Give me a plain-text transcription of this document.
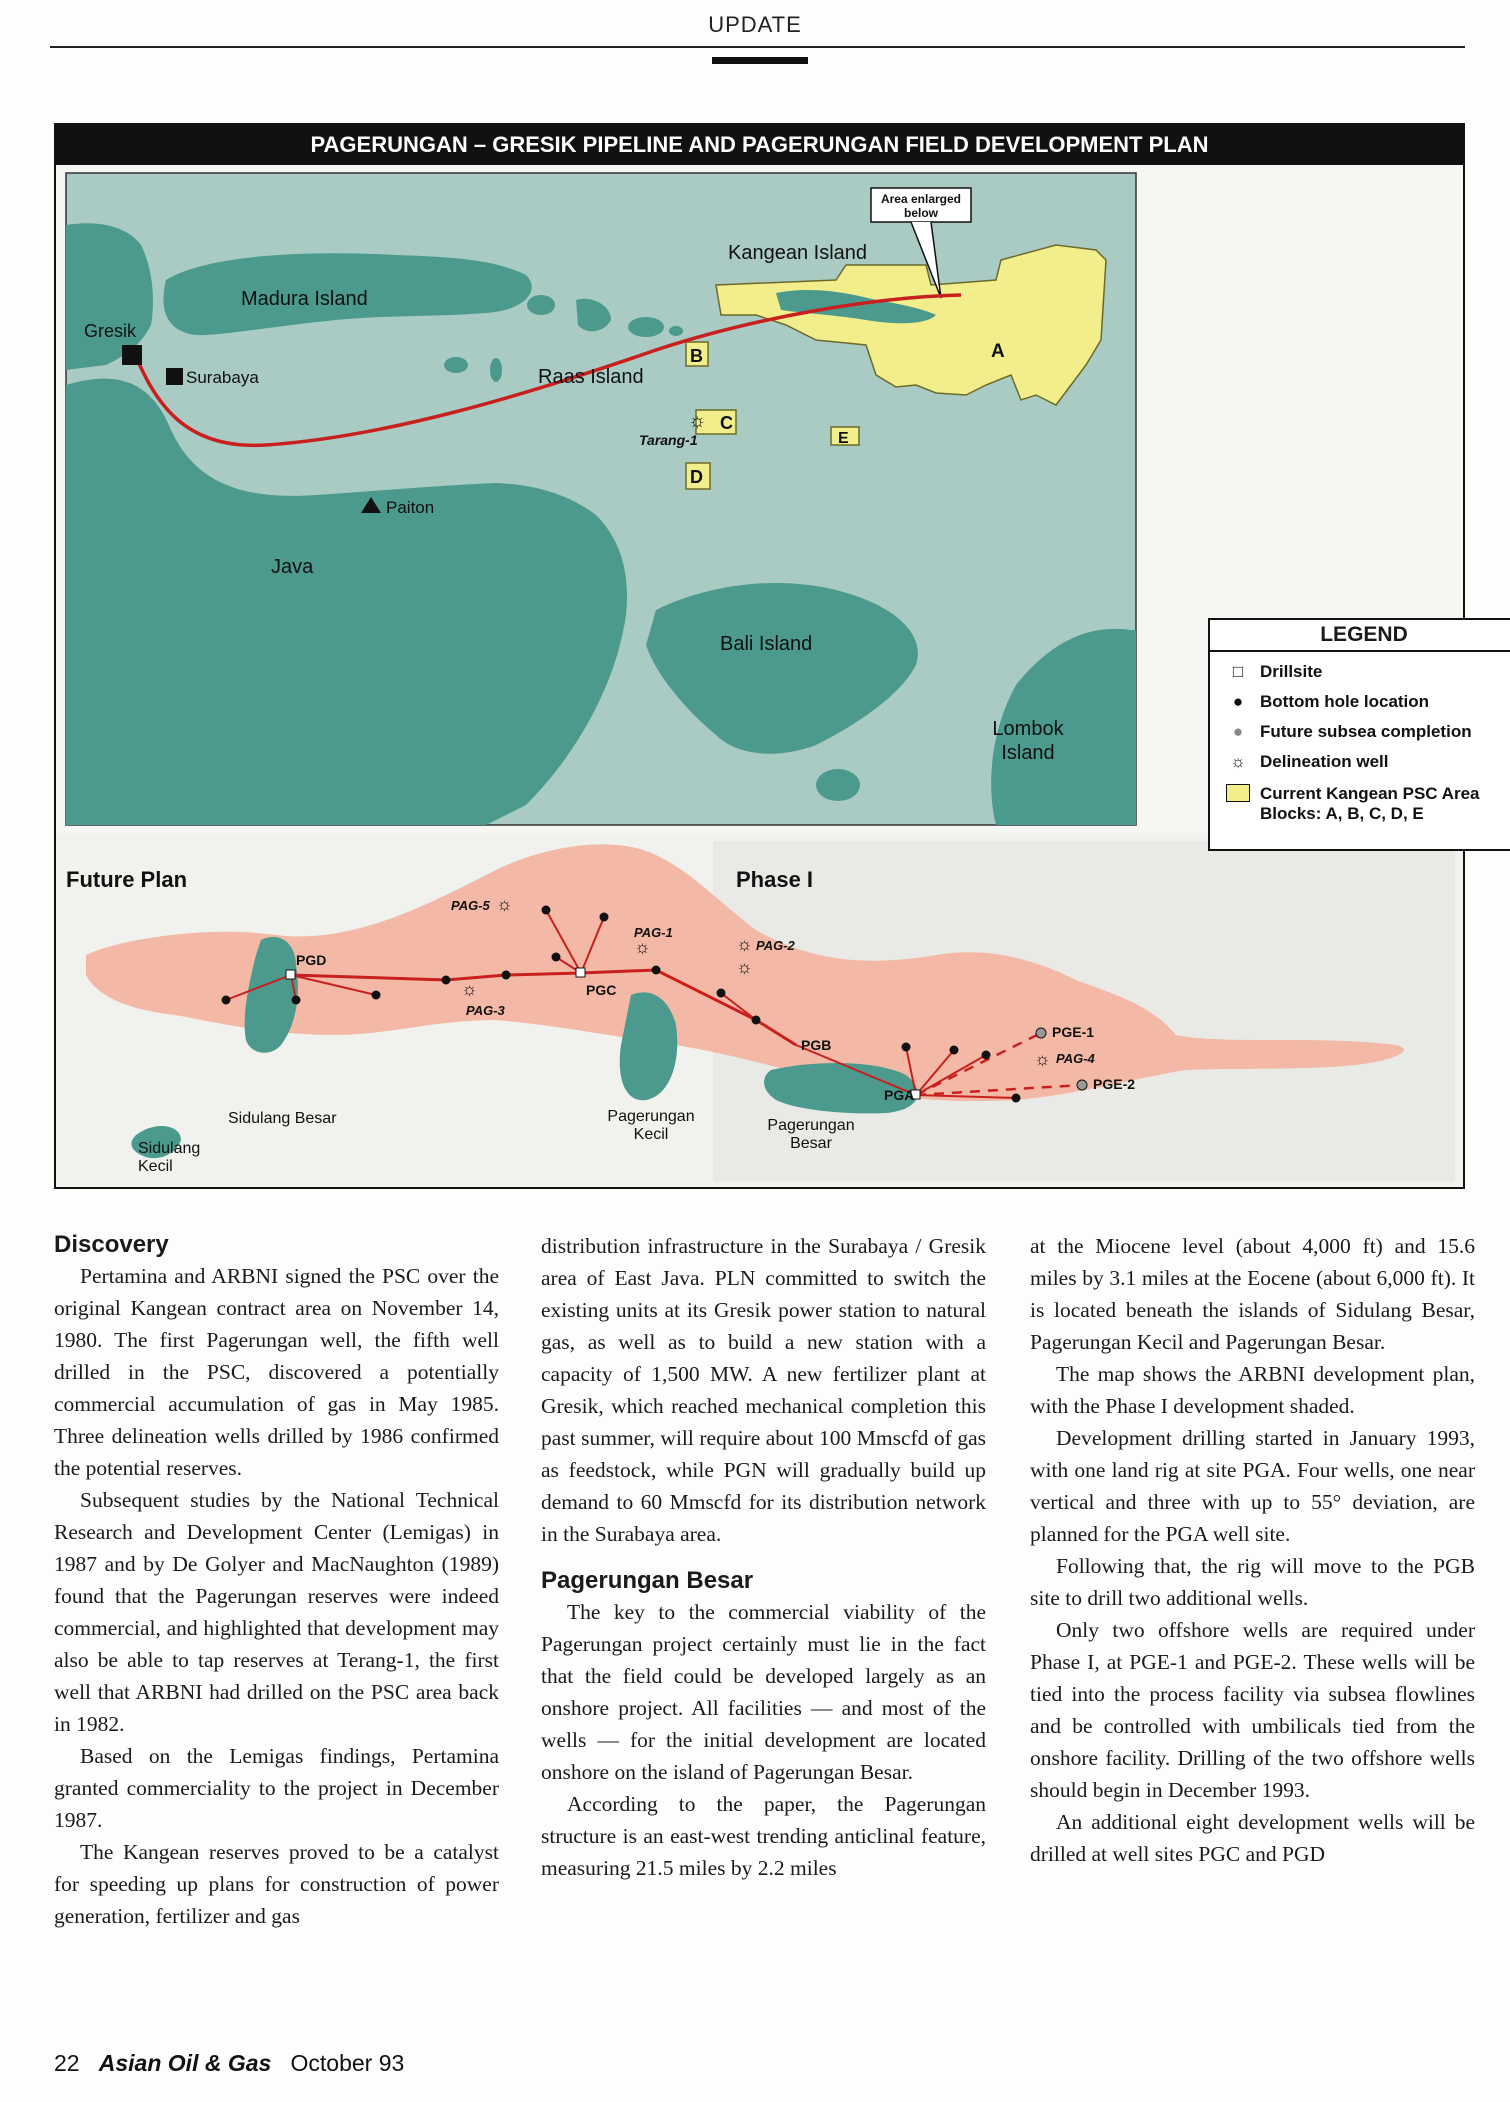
UPDATE
PAGERUNGAN – GRESIK PIPELINE AND PAGERUNGAN FIELD DEVELOPMENT PLAN
☼
Gresik
Madura Island
Surabaya	Raas Island
Kangean Island
Area enlarged
below
Paiton
Java
Tarang-1
Bali Island
Lombok
Island
A
B
C
D
E
☼
☼	☼
☼
☼
☼
Future Plan	Phase I
PGD
PGC
PGB
PGA
PAG-5
PAG-1
PAG-2
PAG-3
PAG-4
PGE-1
PGE-2
Sidulang
Kecil
Sidulang Besar	Pagerungan
Kecil
Pagerungan
Besar
LEGEND
□ Drillsite
● Bottom hole location
● Future subsea completion
☼ Delineation well
Current Kangean PSC Area
Blocks: A, B, C, D, E
Discovery

Pertamina and ARBNI signed the PSC over the original Kangean contract area on November 14, 1980. The first Pagerungan well, the fifth well drilled in the PSC, discovered a potentially commercial accumulation of gas in May 1985. Three delineation wells drilled by 1986 confirmed the potential reserves.

Subsequent studies by the National Technical Research and Development Center (Lemigas) in 1987 and by De Golyer and MacNaughton (1989) found that the Pagerungan reserves were indeed commercial, and highlighted that development may also be able to tap reserves at Terang-1, the first well that ARBNI had drilled on the PSC area back in 1982.

Based on the Lemigas findings, Pertamina granted commerciality to the project in December 1987.

The Kangean reserves proved to be a catalyst for speeding up plans for construction of power generation, fertilizer and gas

distribution infrastructure in the Surabaya / Gresik area of East Java. PLN committed to switch the existing units at its Gresik power station to natural gas, as well as to build a new station with a capacity of 1,500 MW. A new fertilizer plant at Gresik, which reached mechanical completion this past summer, will require about 100 Mmscfd of gas as feedstock, while PGN will gradually build up demand to 60 Mmscfd for its distribution network in the Surabaya area.

Pagerungan Besar

The key to the commercial viability of the Pagerungan project certainly must lie in the fact that the field could be developed largely as an onshore project. All facilities — and most of the wells — for the initial development are located onshore on the island of Pagerungan Besar.

According to the paper, the Pagerungan structure is an east-west trending anticlinal feature, measuring 21.5 miles by 2.2 miles

at the Miocene level (about 4,000 ft) and 15.6 miles by 3.1 miles at the Eocene (about 6,000 ft). It is located beneath the islands of Sidulang Besar, Pagerungan Kecil and Pagerungan Besar.

The map shows the ARBNI development plan, with the Phase I development shaded.

Development drilling started in January 1993, with one land rig at site PGA. Four wells, one near vertical and three with up to 55° deviation, are planned for the PGA well site.

Following that, the rig will move to the PGB site to drill two additional wells.

Only two offshore wells are required under Phase I, at PGE-1 and PGE-2. These wells will be tied into the process facility via subsea flowlines and be controlled with umbilicals tied from the onshore facility. Drilling of the two offshore wells should begin in December 1993.

An additional eight development wells will be drilled at well sites PGC and PGD

22 Asian Oil & Gas October 93
